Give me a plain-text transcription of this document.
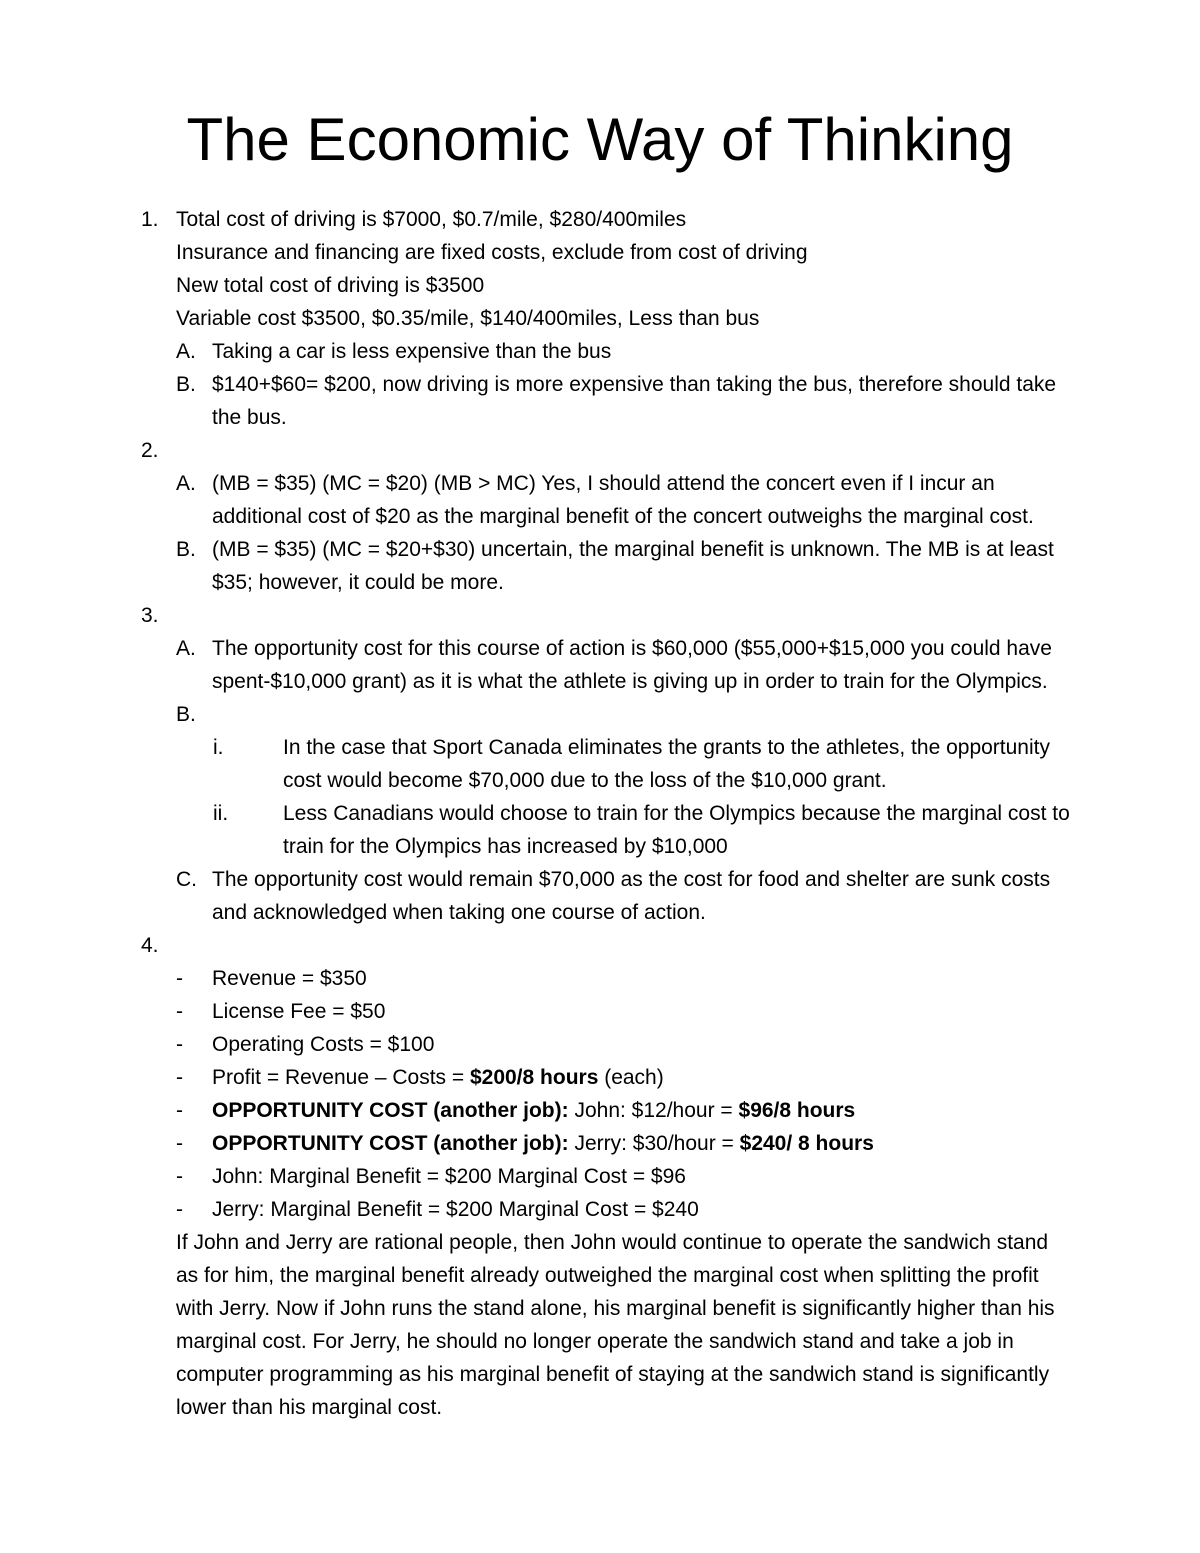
The Economic Way of Thinking
1. Total cost of driving is $7000, $0.7/mile, $280/400miles
Insurance and financing are fixed costs, exclude from cost of driving
New total cost of driving is $3500
Variable cost $3500, $0.35/mile, $140/400miles, Less than bus
A. Taking a car is less expensive than the bus
B. $140+$60= $200, now driving is more expensive than taking the bus, therefore should take
the bus.
2.
A. (MB = $35) (MC = $20) (MB > MC) Yes, I should attend the concert even if I incur an
additional cost of $20 as the marginal benefit of the concert outweighs the marginal cost.
B. (MB = $35) (MC = $20+$30) uncertain, the marginal benefit is unknown. The MB is at least
$35; however, it could be more.
3.
A. The opportunity cost for this course of action is $60,000 ($55,000+$15,000 you could have
spent-$10,000 grant) as it is what the athlete is giving up in order to train for the Olympics.
B.
i.	In the case that Sport Canada eliminates the grants to the athletes, the opportunity
cost would become $70,000 due to the loss of the $10,000 grant.
ii.	Less Canadians would choose to train for the Olympics because the marginal cost to
train for the Olympics has increased by $10,000
C. The opportunity cost would remain $70,000 as the cost for food and shelter are sunk costs
and acknowledged when taking one course of action.
4.
- Revenue = $350
- License Fee = $50
- Operating Costs = $100
- Profit = Revenue – Costs = $200/8 hours (each)
- OPPORTUNITY COST (another job): John: $12/hour = $96/8 hours
- OPPORTUNITY COST (another job): Jerry: $30/hour = $240/ 8 hours
- John: Marginal Benefit = $200 Marginal Cost = $96
- Jerry: Marginal Benefit = $200 Marginal Cost = $240
If John and Jerry are rational people, then John would continue to operate the sandwich stand
as for him, the marginal benefit already outweighed the marginal cost when splitting the profit
with Jerry. Now if John runs the stand alone, his marginal benefit is significantly higher than his
marginal cost. For Jerry, he should no longer operate the sandwich stand and take a job in
computer programming as his marginal benefit of staying at the sandwich stand is significantly
lower than his marginal cost.
